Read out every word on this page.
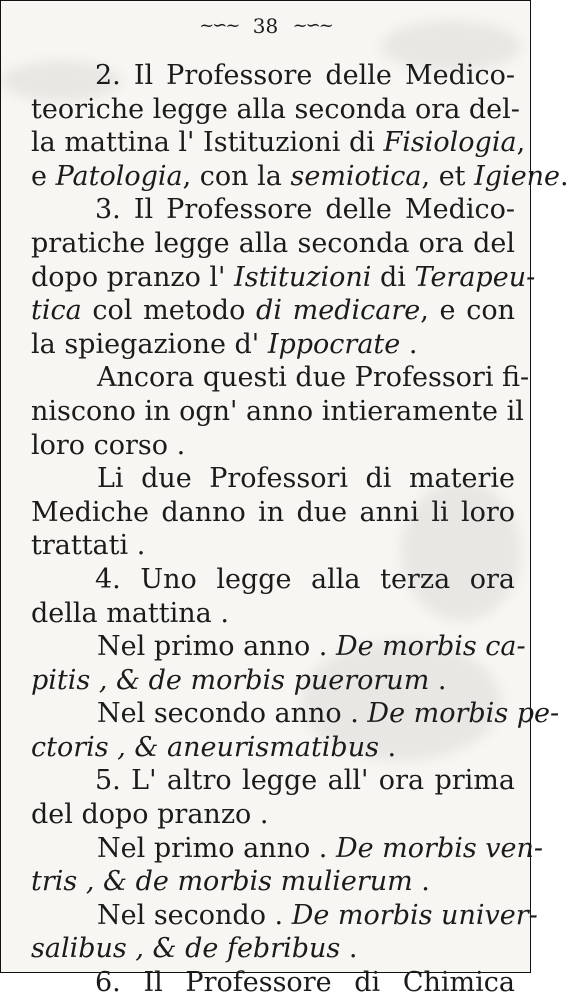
~∽~ 38 ~∽~
2. Il Professore delle Medico-
teoriche legge alla seconda ora del-
la mattina l' Istituzioni di Fisiologia,
e Patologia, con la semiotica, et Igiene.
3. Il Professore delle Medico-
pratiche legge alla seconda ora del
dopo pranzo l' Istituzioni di Terapeu-
tica col metodo di medicare, e con
la spiegazione d' Ippocrate .
Ancora questi due Professori fi-
niscono in ogn' anno intieramente il
loro corso .
Li due Professori di materie
Mediche danno in due anni li loro
trattati .
4. Uno legge alla terza ora
della mattina .
Nel primo anno . De morbis ca-
pitis , & de morbis puerorum .
Nel secondo anno . De morbis pe-
ctoris , & aneurismatibus .
5. L' altro legge all' ora prima
del dopo pranzo .
Nel primo anno . De morbis ven-
tris , & de morbis mulierum .
Nel secondo . De morbis univer-
salibus , & de febribus .
6. Il Professore di Chimica
